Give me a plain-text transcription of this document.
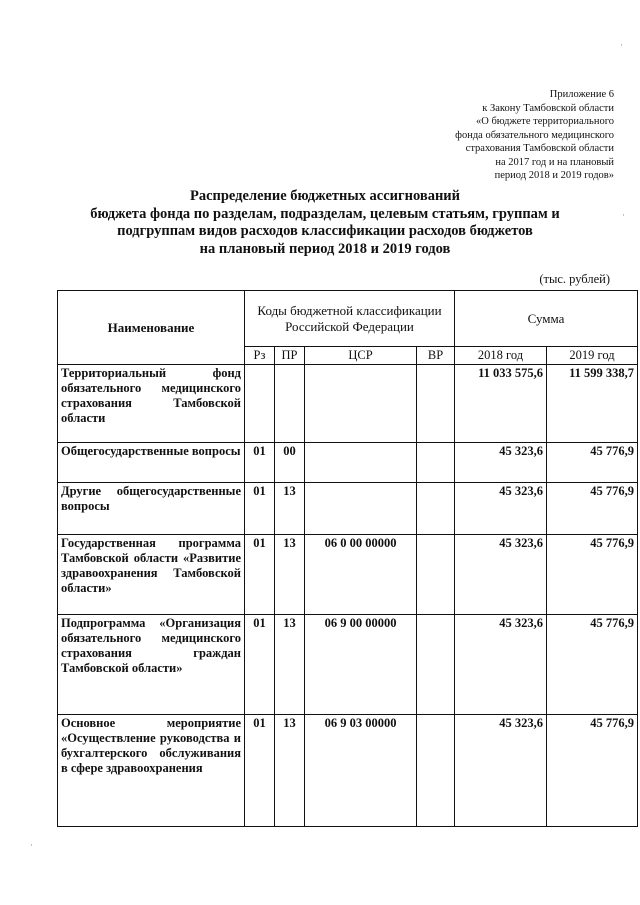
Приложение 6
к Закону Тамбовской области
«О бюджете территориального
фонда обязательного медицинского
страхования Тамбовской области
на 2017 год и на плановый
период 2018 и 2019 годов»
Распределение бюджетных ассигнований
бюджета фонда по разделам, подразделам, целевым статьям, группам и
подгруппам видов расходов классификации расходов бюджетов
на плановый период 2018 и 2019 годов
(тыс. рублей)
Наименование	Коды бюджетной классификации Российской Федерации				Сумма	
	Рз	ПР	ЦСР	ВР	2018 год	2019 год
Территориальный фонд обязательного медицинского страхования Тамбовской области					11 033 575,6	11 599 338,7
Общегосударственные вопросы	01	00			45 323,6	45 776,9
Другие общегосударственные вопросы	01	13			45 323,6	45 776,9
Государственная программа Тамбовской области «Развитие здравоохранения Тамбовской области»	01	13	06 0 00 00000		45 323,6	45 776,9
Подпрограмма «Организация обязательного медицинского страхования граждан Тамбовской области»	01	13	06 9 00 00000		45 323,6	45 776,9
Основное мероприятие «Осуществление руководства и бухгалтерского обслуживания в сфере здравоохранения	01	13	06 9 03 00000		45 323,6	45 776,9
·
·
·
